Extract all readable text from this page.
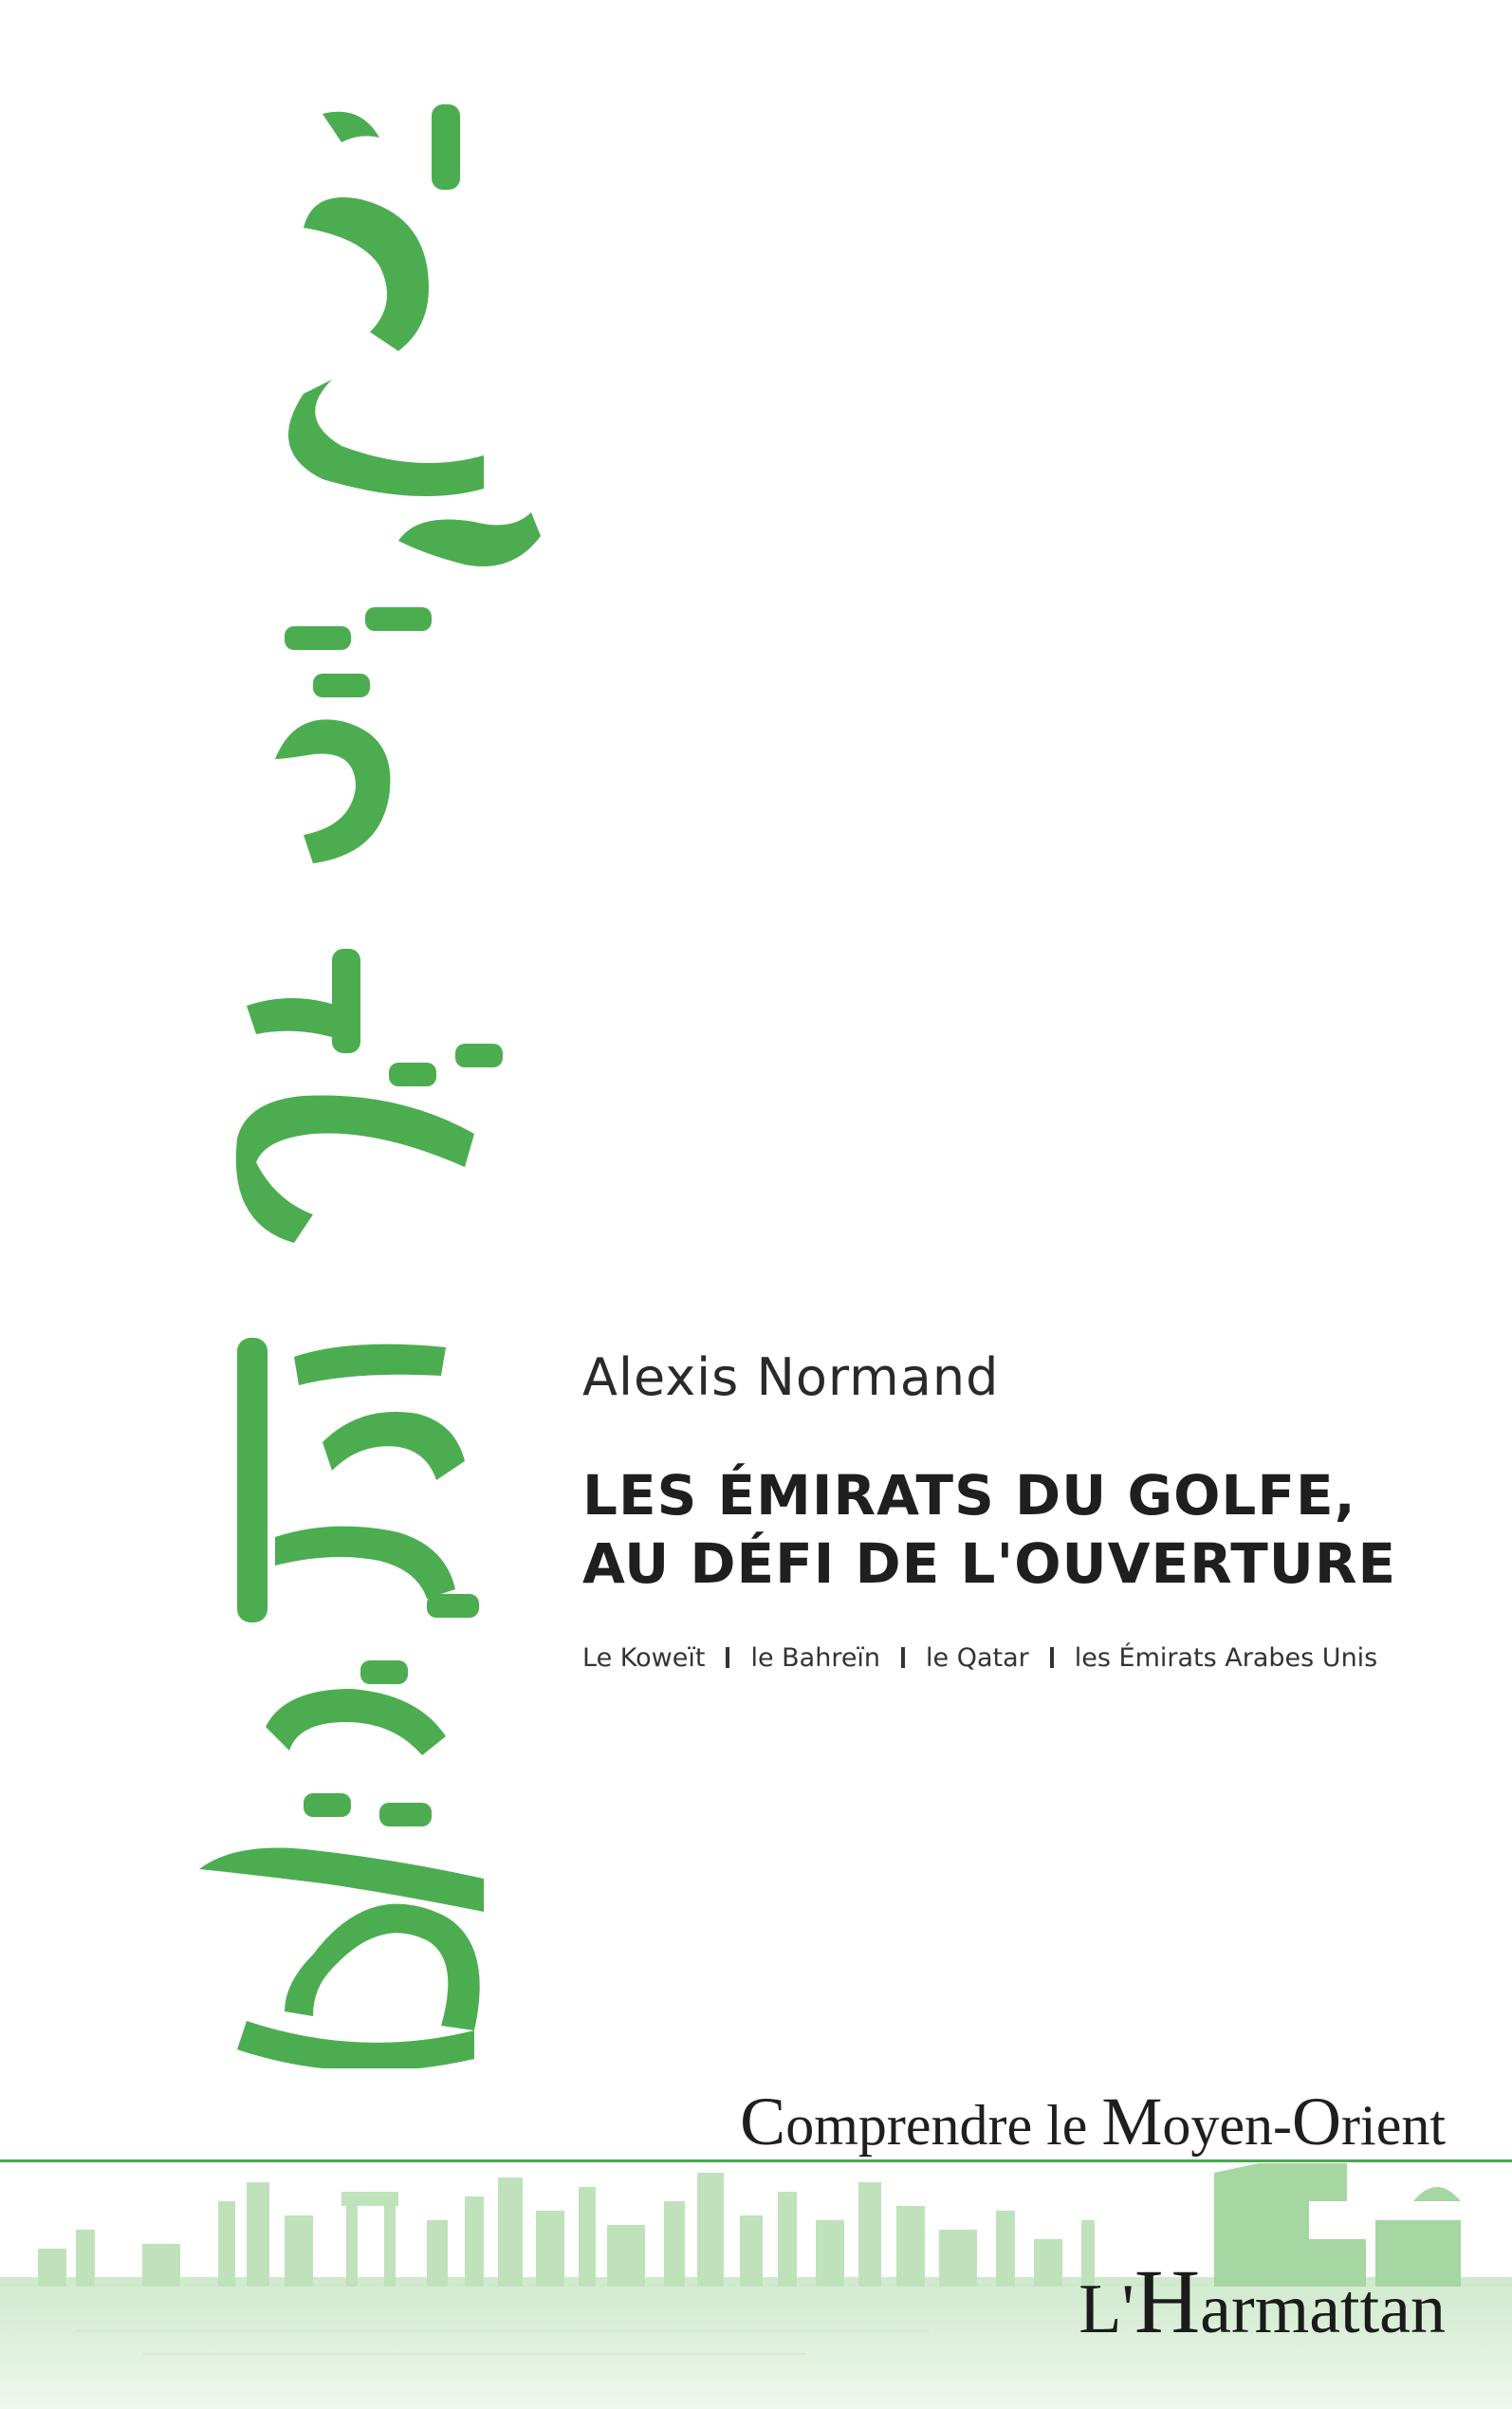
Alexis Normand
LES ÉMIRATS DU GOLFE,
AU DÉFI DE L'OUVERTURE
Le Koweït le Bahreïn le Qatar les Émirats Arabes Unis
Comprendre le Moyen-Orient
L'Harmattan
